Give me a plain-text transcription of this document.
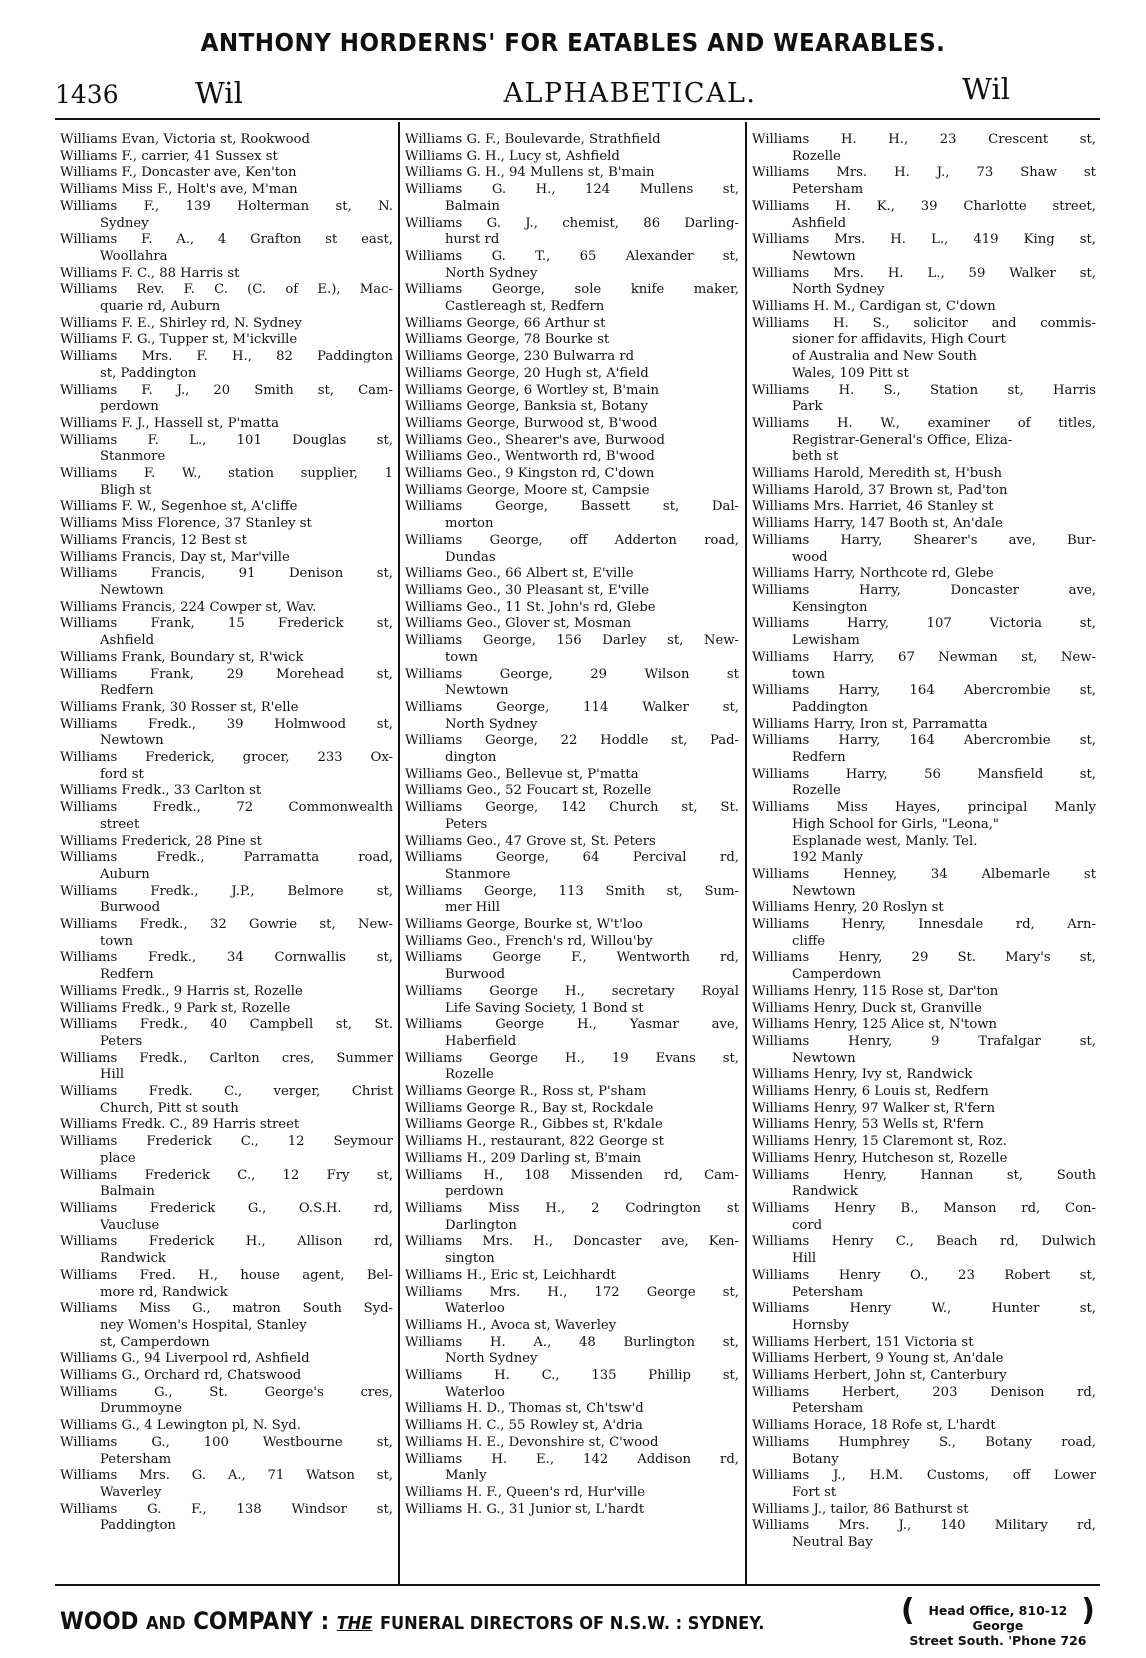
ANTHONY HORDERNS' FOR EATABLES AND WEARABLES.
1436	Wil	ALPHABETICAL.	Wil
Williams Evan, Victoria st, Rookwood
Williams F., carrier, 41 Sussex st
Williams F., Doncaster ave, Ken'ton
Williams Miss F., Holt's ave, M'man
Williams F., 139 Holterman st, N.
Sydney
Williams F. A., 4 Grafton st east,
Woollahra
Williams F. C., 88 Harris st
Williams Rev. F. C. (C. of E.), Mac-
quarie rd, Auburn
Williams F. E., Shirley rd, N. Sydney
Williams F. G., Tupper st, M'ickville
Williams Mrs. F. H., 82 Paddington
st, Paddington
Williams F. J., 20 Smith st, Cam-
perdown
Williams F. J., Hassell st, P'matta
Williams F. L., 101 Douglas st,
Stanmore
Williams F. W., station supplier, 1
Bligh st
Williams F. W., Segenhoe st, A'cliffe
Williams Miss Florence, 37 Stanley st
Williams Francis, 12 Best st
Williams Francis, Day st, Mar'ville
Williams Francis, 91 Denison st,
Newtown
Williams Francis, 224 Cowper st, Wav.
Williams Frank, 15 Frederick st,
Ashfield
Williams Frank, Boundary st, R'wick
Williams Frank, 29 Morehead st,
Redfern
Williams Frank, 30 Rosser st, R'elle
Williams Fredk., 39 Holmwood st,
Newtown
Williams Frederick, grocer, 233 Ox-
ford st
Williams Fredk., 33 Carlton st
Williams Fredk., 72 Commonwealth
street
Williams Frederick, 28 Pine st
Williams Fredk., Parramatta road,
Auburn
Williams Fredk., J.P., Belmore st,
Burwood
Williams Fredk., 32 Gowrie st, New-
town
Williams Fredk., 34 Cornwallis st,
Redfern
Williams Fredk., 9 Harris st, Rozelle
Williams Fredk., 9 Park st, Rozelle
Williams Fredk., 40 Campbell st, St.
Peters
Williams Fredk., Carlton cres, Summer
Hill
Williams Fredk. C., verger, Christ
Church, Pitt st south
Williams Fredk. C., 89 Harris street
Williams Frederick C., 12 Seymour
place
Williams Frederick C., 12 Fry st,
Balmain
Williams Frederick G., O.S.H. rd,
Vaucluse
Williams Frederick H., Allison rd,
Randwick
Williams Fred. H., house agent, Bel-
more rd, Randwick
Williams Miss G., matron South Syd-
ney Women's Hospital, Stanley
st, Camperdown
Williams G., 94 Liverpool rd, Ashfield
Williams G., Orchard rd, Chatswood
Williams G., St. George's cres,
Drummoyne
Williams G., 4 Lewington pl, N. Syd.
Williams G., 100 Westbourne st,
Petersham
Williams Mrs. G. A., 71 Watson st,
Waverley
Williams G. F., 138 Windsor st,
Paddington
Williams G. F., Boulevarde, Strathfield
Williams G. H., Lucy st, Ashfield
Williams G. H., 94 Mullens st, B'main
Williams G. H., 124 Mullens st,
Balmain
Williams G. J., chemist, 86 Darling-
hurst rd
Williams G. T., 65 Alexander st,
North Sydney
Williams George, sole knife maker,
Castlereagh st, Redfern
Williams George, 66 Arthur st
Williams George, 78 Bourke st
Williams George, 230 Bulwarra rd
Williams George, 20 Hugh st, A'field
Williams George, 6 Wortley st, B'main
Williams George, Banksia st, Botany
Williams George, Burwood st, B'wood
Williams Geo., Shearer's ave, Burwood
Williams Geo., Wentworth rd, B'wood
Williams Geo., 9 Kingston rd, C'down
Williams George, Moore st, Campsie
Williams George, Bassett st, Dal-
morton
Williams George, off Adderton road,
Dundas
Williams Geo., 66 Albert st, E'ville
Williams Geo., 30 Pleasant st, E'ville
Williams Geo., 11 St. John's rd, Glebe
Williams Geo., Glover st, Mosman
Williams George, 156 Darley st, New-
town
Williams George, 29 Wilson st
Newtown
Williams George, 114 Walker st,
North Sydney
Williams George, 22 Hoddle st, Pad-
dington
Williams Geo., Bellevue st, P'matta
Williams Geo., 52 Foucart st, Rozelle
Williams George, 142 Church st, St.
Peters
Williams Geo., 47 Grove st, St. Peters
Williams George, 64 Percival rd,
Stanmore
Williams George, 113 Smith st, Sum-
mer Hill
Williams George, Bourke st, W't'loo
Williams Geo., French's rd, Willou'by
Williams George F., Wentworth rd,
Burwood
Williams George H., secretary Royal
Life Saving Society, 1 Bond st
Williams George H., Yasmar ave,
Haberfield
Williams George H., 19 Evans st,
Rozelle
Williams George R., Ross st, P'sham
Williams George R., Bay st, Rockdale
Williams George R., Gibbes st, R'kdale
Williams H., restaurant, 822 George st
Williams H., 209 Darling st, B'main
Williams H., 108 Missenden rd, Cam-
perdown
Williams Miss H., 2 Codrington st
Darlington
Williams Mrs. H., Doncaster ave, Ken-
sington
Williams H., Eric st, Leichhardt
Williams Mrs. H., 172 George st,
Waterloo
Williams H., Avoca st, Waverley
Williams H. A., 48 Burlington st,
North Sydney
Williams H. C., 135 Phillip st,
Waterloo
Williams H. D., Thomas st, Ch'tsw'd
Williams H. C., 55 Rowley st, A'dria
Williams H. E., Devonshire st, C'wood
Williams H. E., 142 Addison rd,
Manly
Williams H. F., Queen's rd, Hur'ville
Williams H. G., 31 Junior st, L'hardt
Williams H. H., 23 Crescent st,
Rozelle
Williams Mrs. H. J., 73 Shaw st
Petersham
Williams H. K., 39 Charlotte street,
Ashfield
Williams Mrs. H. L., 419 King st,
Newtown
Williams Mrs. H. L., 59 Walker st,
North Sydney
Williams H. M., Cardigan st, C'down
Williams H. S., solicitor and commis-
sioner for affidavits, High Court
of Australia and New South
Wales, 109 Pitt st
Williams H. S., Station st, Harris
Park
Williams H. W., examiner of titles,
Registrar-General's Office, Eliza-
beth st
Williams Harold, Meredith st, H'bush
Williams Harold, 37 Brown st, Pad'ton
Williams Mrs. Harriet, 46 Stanley st
Williams Harry, 147 Booth st, An'dale
Williams Harry, Shearer's ave, Bur-
wood
Williams Harry, Northcote rd, Glebe
Williams Harry, Doncaster ave,
Kensington
Williams Harry, 107 Victoria st,
Lewisham
Williams Harry, 67 Newman st, New-
town
Williams Harry, 164 Abercrombie st,
Paddington
Williams Harry, Iron st, Parramatta
Williams Harry, 164 Abercrombie st,
Redfern
Williams Harry, 56 Mansfield st,
Rozelle
Williams Miss Hayes, principal Manly
High School for Girls, "Leona,"
Esplanade west, Manly. Tel.
192 Manly
Williams Henney, 34 Albemarle st
Newtown
Williams Henry, 20 Roslyn st
Williams Henry, Innesdale rd, Arn-
cliffe
Williams Henry, 29 St. Mary's st,
Camperdown
Williams Henry, 115 Rose st, Dar'ton
Williams Henry, Duck st, Granville
Williams Henry, 125 Alice st, N'town
Williams Henry, 9 Trafalgar st,
Newtown
Williams Henry, Ivy st, Randwick
Williams Henry, 6 Louis st, Redfern
Williams Henry, 97 Walker st, R'fern
Williams Henry, 53 Wells st, R'fern
Williams Henry, 15 Claremont st, Roz.
Williams Henry, Hutcheson st, Rozelle
Williams Henry, Hannan st, South
Randwick
Williams Henry B., Manson rd, Con-
cord
Williams Henry C., Beach rd, Dulwich
Hill
Williams Henry O., 23 Robert st,
Petersham
Williams Henry W., Hunter st,
Hornsby
Williams Herbert, 151 Victoria st
Williams Herbert, 9 Young st, An'dale
Williams Herbert, John st, Canterbury
Williams Herbert, 203 Denison rd,
Petersham
Williams Horace, 18 Rofe st, L'hardt
Williams Humphrey S., Botany road,
Botany
Williams J., H.M. Customs, off Lower
Fort st
Williams J., tailor, 86 Bathurst st
Williams Mrs. J., 140 Military rd,
Neutral Bay
WOOD AND COMPANY : THE FUNERAL DIRECTORS OF N.S.W. : SYDNEY.	(	)
Head Office, 810-12 George
Street South. 'Phone 726
